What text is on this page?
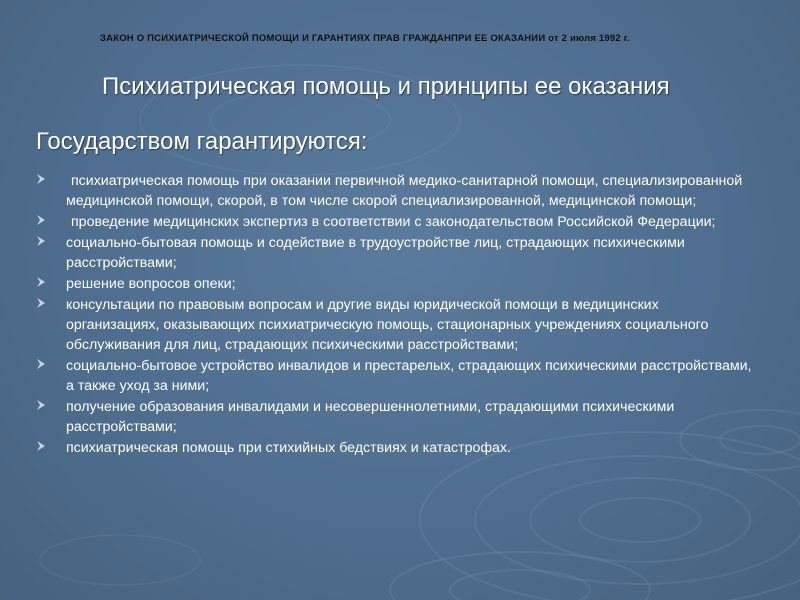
ЗАКОН О ПСИХИАТРИЧЕСКОЙ ПОМОЩИ И ГАРАНТИЯХ ПРАВ ГРАЖДАНПРИ ЕЕ ОКАЗАНИИ от 2 июля 1992 г.
Психиатрическая помощь и принципы ее оказания
Государством гарантируются:
психиатрическая помощь при оказании первичной медико-санитарной помощи, специализированной медицинской помощи, скорой, в том числе скорой специализированной, медицинской помощи;
проведение медицинских экспертиз в соответствии с законодательством Российской Федерации;
социально-бытовая помощь и содействие в трудоустройстве лиц, страдающих психическими расстройствами;
решение вопросов опеки;
консультации по правовым вопросам и другие виды юридической помощи в медицинских организациях, оказывающих психиатрическую помощь, стационарных учреждениях социального обслуживания для лиц, страдающих психическими расстройствами;
социально-бытовое устройство инвалидов и престарелых, страдающих психическими расстройствами, а также уход за ними;
получение образования инвалидами и несовершеннолетними, страдающими психическими расстройствами;
психиатрическая помощь при стихийных бедствиях и катастрофах.
